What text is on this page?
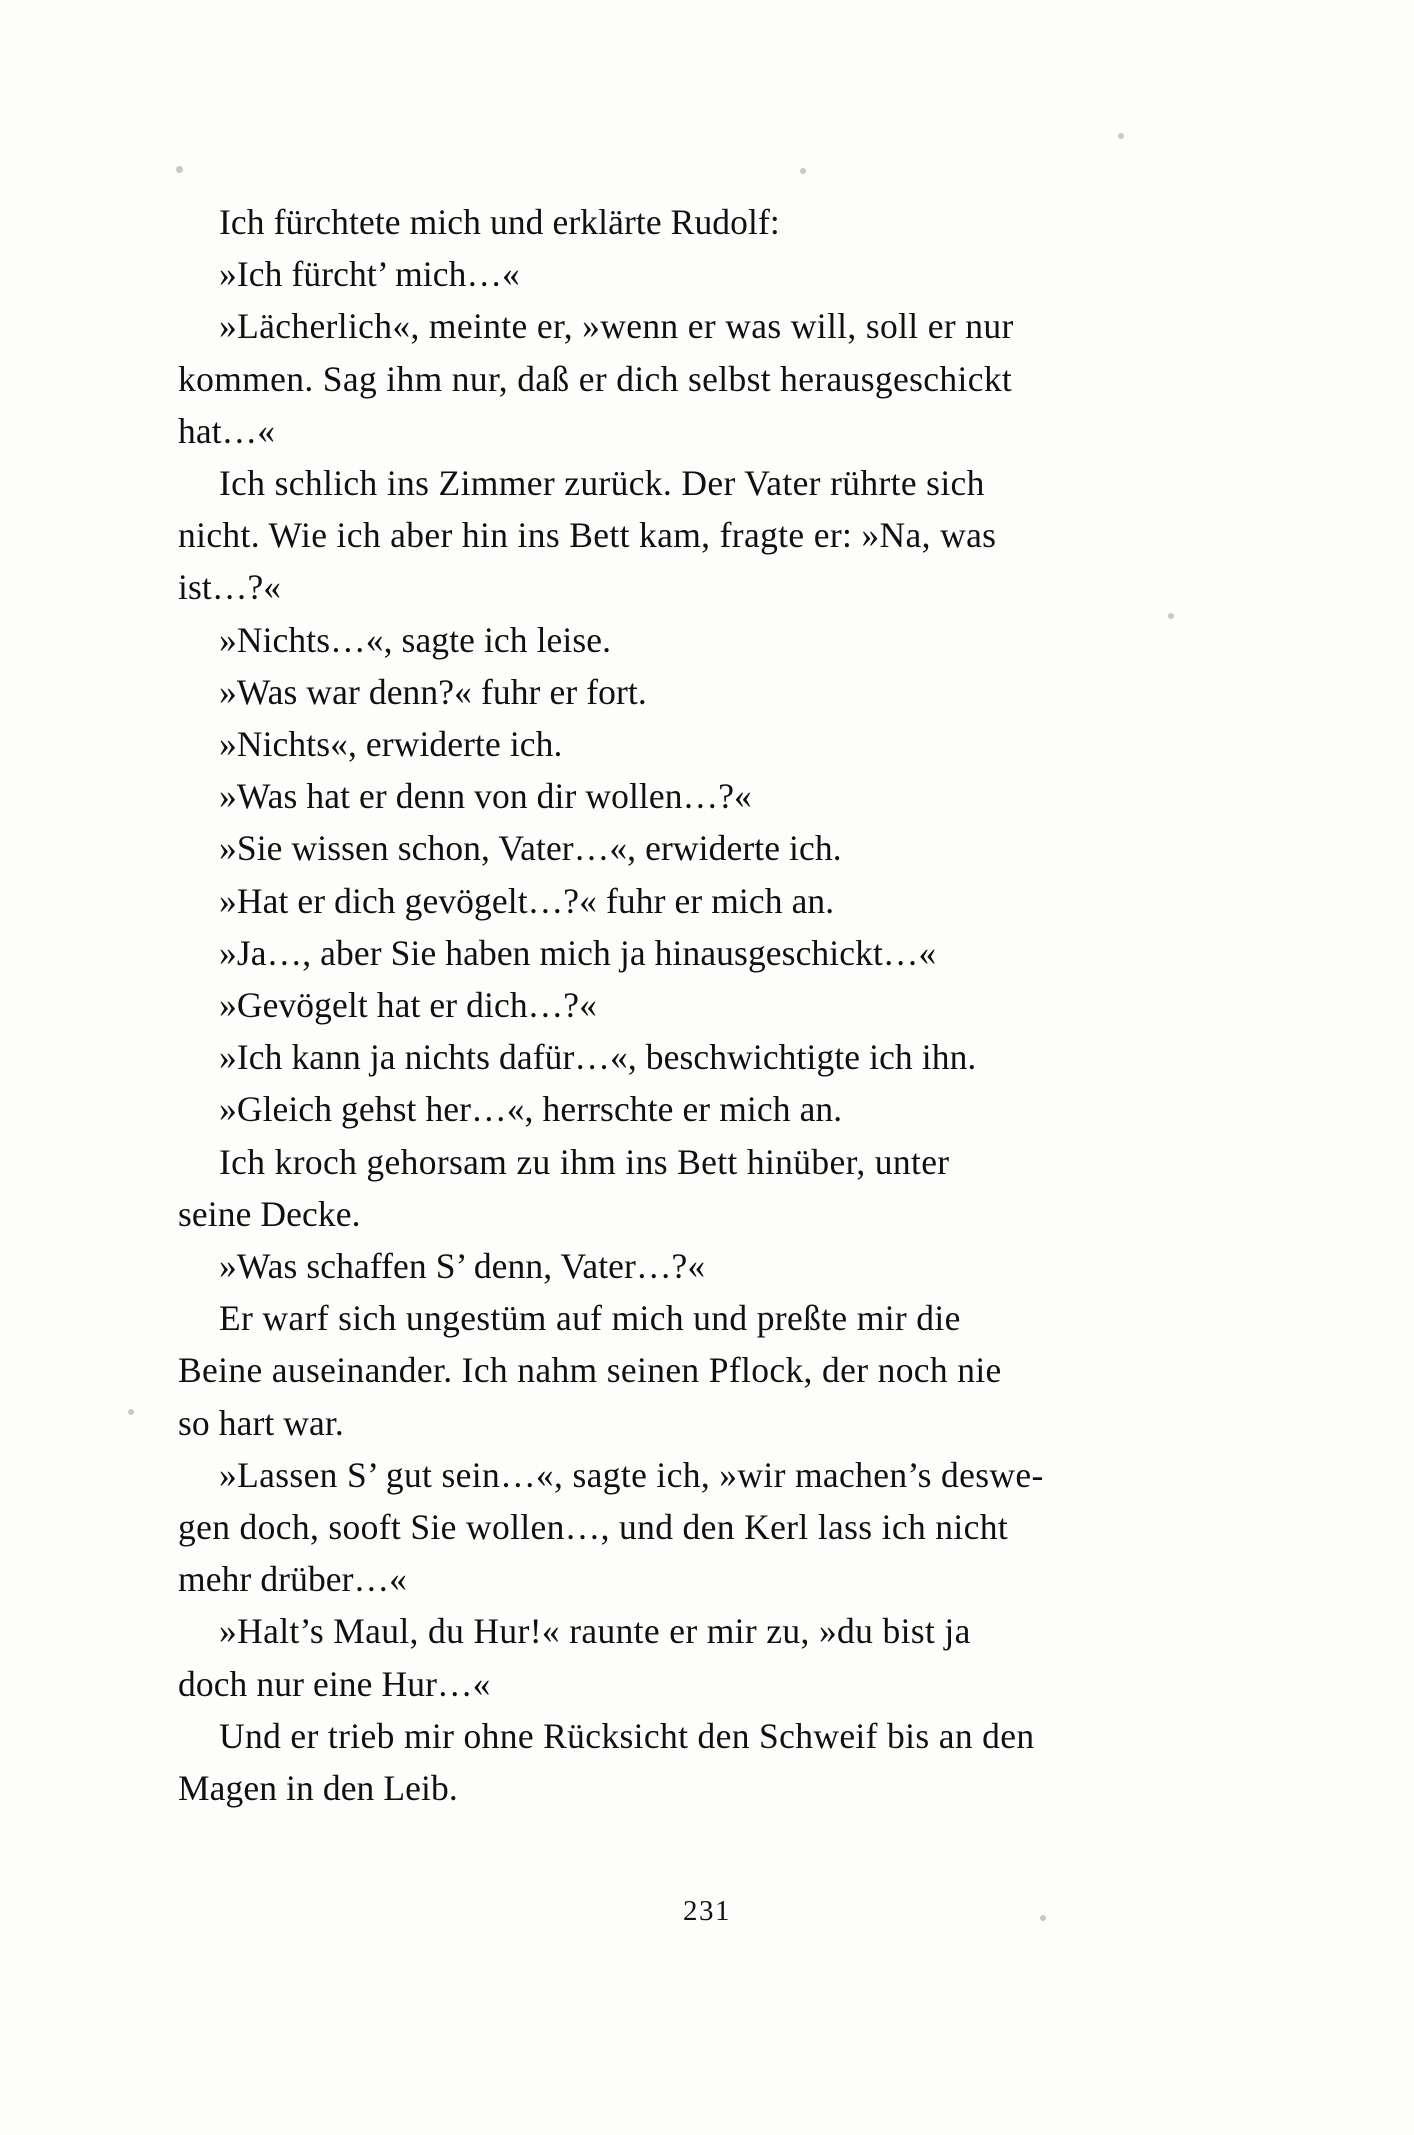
Ich fürchtete mich und erklärte Rudolf:
»Ich fürcht’ mich…«
»Lächerlich«, meinte er, »wenn er was will, soll er nur
kommen. Sag ihm nur, daß er dich selbst herausgeschickt
hat…«
Ich schlich ins Zimmer zurück. Der Vater rührte sich
nicht. Wie ich aber hin ins Bett kam, fragte er: »Na, was
ist…?«
»Nichts…«, sagte ich leise.
»Was war denn?« fuhr er fort.
»Nichts«, erwiderte ich.
»Was hat er denn von dir wollen…?«
»Sie wissen schon, Vater…«, erwiderte ich.
»Hat er dich gevögelt…?« fuhr er mich an.
»Ja…, aber Sie haben mich ja hinausgeschickt…«
»Gevögelt hat er dich…?«
»Ich kann ja nichts dafür…«, beschwichtigte ich ihn.
»Gleich gehst her…«, herrschte er mich an.
Ich kroch gehorsam zu ihm ins Bett hinüber, unter
seine Decke.
»Was schaffen S’ denn, Vater…?«
Er warf sich ungestüm auf mich und preßte mir die
Beine auseinander. Ich nahm seinen Pflock, der noch nie
so hart war.
»Lassen S’ gut sein…«, sagte ich, »wir machen’s deswe-
gen doch, sooft Sie wollen…, und den Kerl lass ich nicht
mehr drüber…«
»Halt’s Maul, du Hur!« raunte er mir zu, »du bist ja
doch nur eine Hur…«
Und er trieb mir ohne Rücksicht den Schweif bis an den
Magen in den Leib.
231
